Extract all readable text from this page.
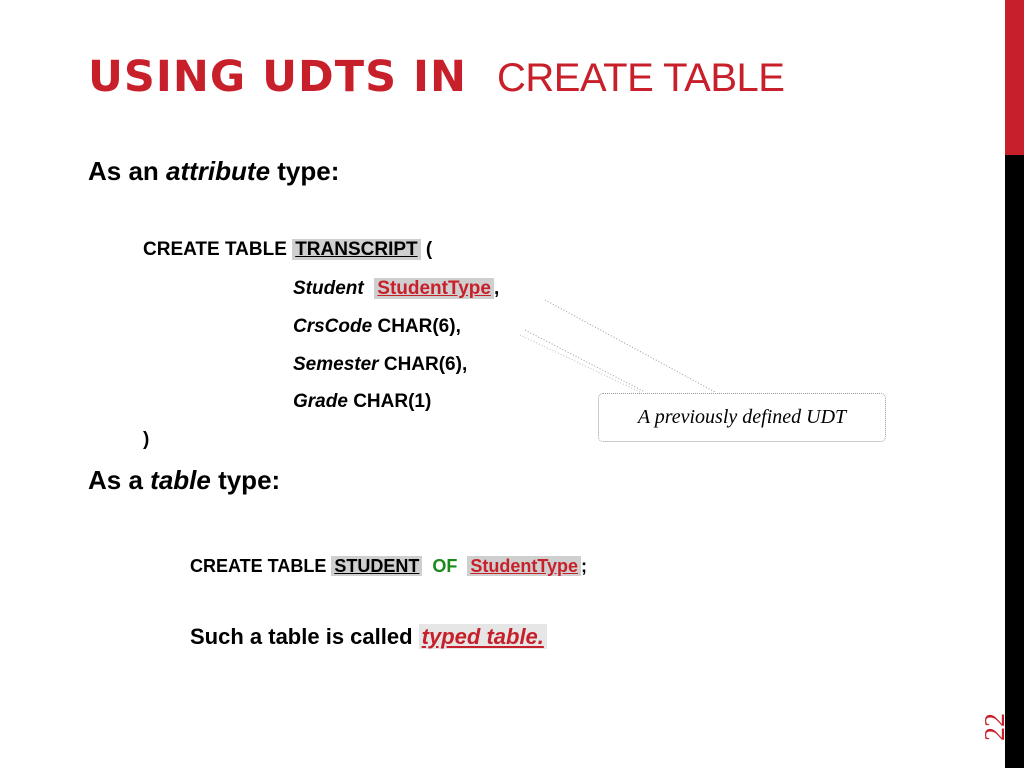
USING UDTS IN CREATE TABLE
As an attribute type:
CREATE TABLE TRANSCRIPT (
Student StudentType ,
CrsCode CHAR(6),
Semester CHAR(6),
Grade CHAR(1)
)
A previously defined UDT
As a table type:
CREATE TABLE STUDENT OF StudentType ;
Such a table is called typed table.
22
